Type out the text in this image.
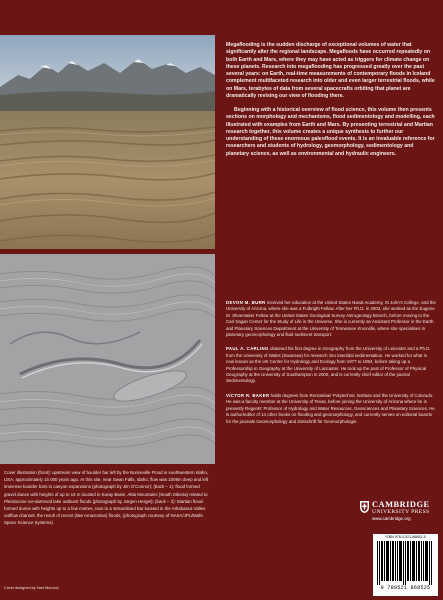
Megaflooding is the sudden discharge of exceptional volumes of water that significantly alter the regional landscape. Megafloods have occurred repeatedly on both Earth and Mars, where they may have acted as triggers for climate change on these planets. Research into megaflooding has progressed greatly over the past several years: on Earth, real-time measurements of contemporary floods in Iceland complement multifaceted research into older and even larger terrestrial floods, while on Mars, terabytes of data from several spacecrafts orbiting that planet are dramatically revising our view of flooding there.

Beginning with a historical overview of flood science, this volume then presents sections on morphology and mechanisms, flood sedimentology and modelling, each illustrated with examples from Earth and Mars. By presenting terrestrial and Martian research together, this volume creates a unique synthesis to further our understanding of these enormous paleoflood events. It is an invaluable reference for researchers and students of hydrology, geomorphology, sedimentology and planetary science, as well as environmental and hydraulic engineers.

Cover illustration (front): upstream view of boulder bar left by the Bonneville Flood in southwestern Idaho, USA, approximately 15 000 years ago. At this site, near Swan Falls, Idaho, flow was 1009m deep and left immense boulder bars in canyon expansions (photograph by Jim O'Connor); (back – 1): flood formed gravel dunes with heights of up to 16 m located in Kuray Basin, Altai Mountains (South Siberia) related to Pleistocene ice-dammed lake outburst floods (photograph by Jürgen Herget); (back – 2): Martian flood-formed dunes with heights up to a few metres, next to a streamlined bar located in the Athabasca Valles outflow channel, the result of recent (late Amazonian) floods, (photograph courtesy of NASA/JPL/Malin Space Science Systems).
Cover designed by Hart McLeod
DEVON M. BURR received her education at the United States Naval Academy, St John's College, and the University of Arizona, where she was a Fulbright Fellow. After her Ph.D. in 2003, she worked as the Eugene M. Shoemaker Fellow at the United States Geological Survey Astrogeology Branch, before moving to the Carl Sagan Center for the Study of Life in the Universe. She is currently an Assistant Professor in the Earth and Planetary Sciences Department at the University of Tennessee Knoxville, where she specialises in planetary geomorphology and fluid sediment transport.
PAUL A. CARLING obtained his first degree in Geography from the University of Leicester and a Ph.D. from the University of Wales (Swansea) for research into intertidal sedimentation. He worked for what is now known as the UK Centre for Hydrology and Ecology from 1977 to 1994, before taking up a Professorship in Geography at the University of Lancaster. He took up the post of Professor of Physical Geography at the University of Southampton in 2000, and is currently chief editor of the journal Sedimentology.
VICTOR R. BAKER holds degrees from Rensselaer Polytechnic Institute and the University of Colorado. He was a faculty member at the University of Texas, before joining the University of Arizona where he is presently Regents' Professor of Hydrology and Water Resources, Geosciences and Planetary Sciences. He is author/editor of 14 other books on flooding and geomorphology, and currently serves on editorial boards for the journals Geomorphology and Zeitschrift für Geomorphologie.
CAMBRIDGE
UNIVERSITY PRESS
www.cambridge.org
ISBN 978-0-521-86852-5
9 780521 868525
